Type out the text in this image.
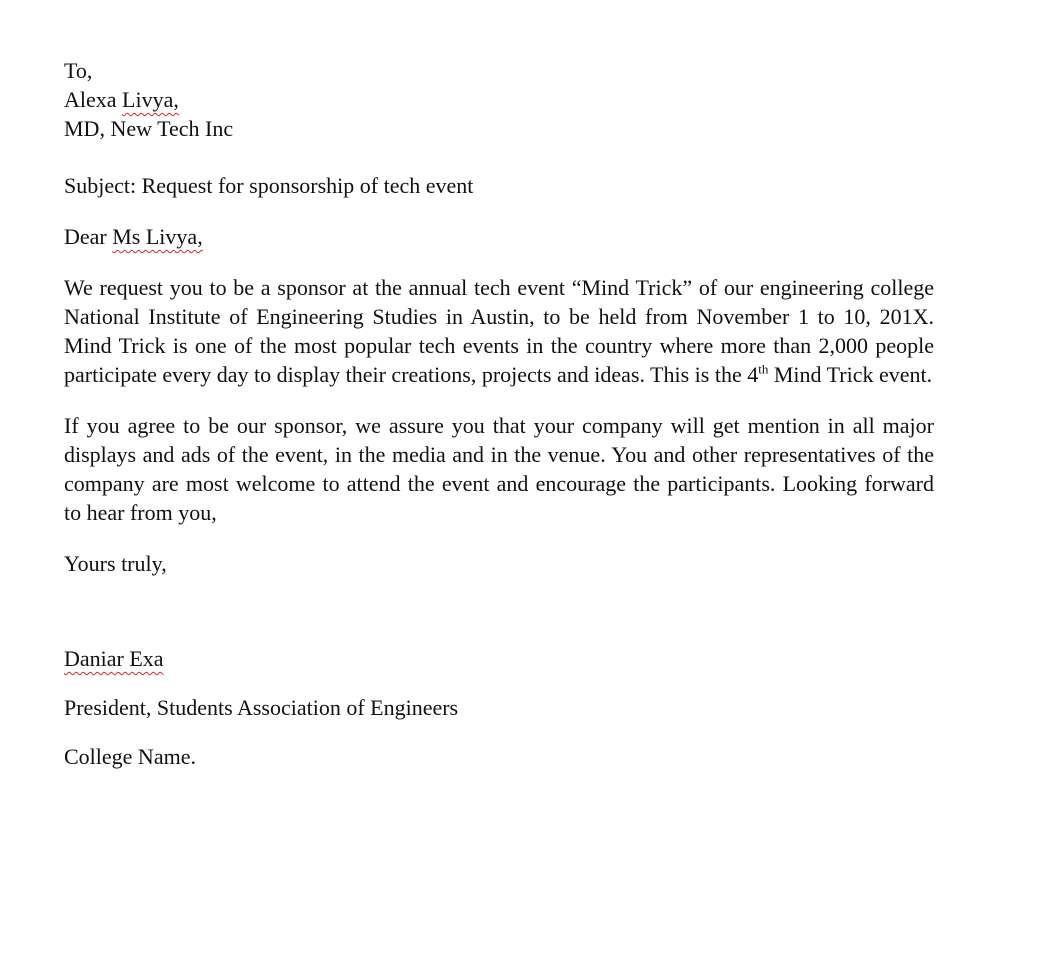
To,
Alexa Livya,
MD, New Tech Inc
Subject: Request for sponsorship of tech event
Dear Ms Livya,
We request you to be a sponsor at the annual tech event “Mind Trick” of our engineering college National Institute of Engineering Studies in Austin, to be held from November 1 to 10, 201X. Mind Trick is one of the most popular tech events in the country where more than 2,000 people participate every day to display their creations, projects and ideas. This is the 4th Mind Trick event.
If you agree to be our sponsor, we assure you that your company will get mention in all major displays and ads of the event, in the media and in the venue. You and other representatives of the company are most welcome to attend the event and encourage the participants. Looking forward to hear from you,
Yours truly,
Daniar Exa
President, Students Association of Engineers
College Name.
